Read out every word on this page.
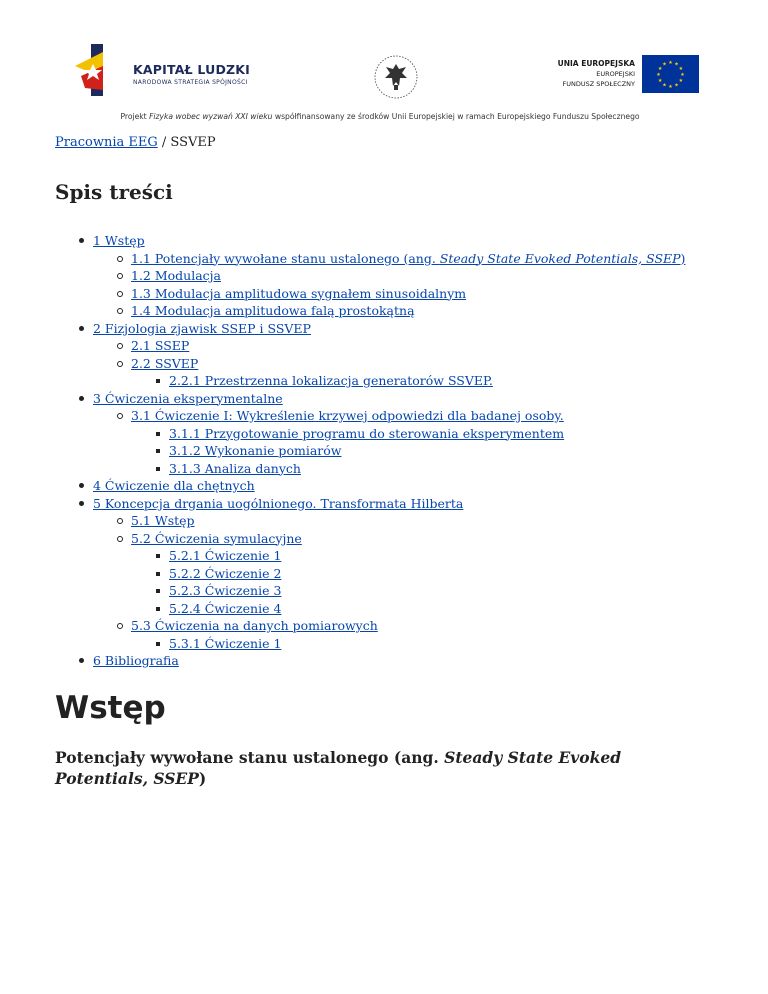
KAPITAŁ LUDZKI
NARODOWA STRATEGIA SPÓJNOŚCI
UNIA EUROPEJSKA
EUROPEJSKI
FUNDUSZ SPOŁECZNY
★ ★
★
★
★
★
★
★
★
★
★
★
Projekt Fizyka wobec wyzwań XXI wieku współfinansowany ze środków Unii Europejskiej w ramach Europejskiego Funduszu Społecznego
Pracownia EEG / SSVEP
Spis treści
1 Wstęp
1.1 Potencjały wywołane stanu ustalonego (ang. Steady State Evoked Potentials, SSEP)
1.2 Modulacja
1.3 Modulacja amplitudowa sygnałem sinusoidalnym
1.4 Modulacja amplitudowa falą prostokątną
2 Fizjologia zjawisk SSEP i SSVEP
2.1 SSEP
2.2 SSVEP
2.2.1 Przestrzenna lokalizacja generatorów SSVEP.
3 Ćwiczenia eksperymentalne
3.1 Ćwiczenie I: Wykreślenie krzywej odpowiedzi dla badanej osoby.
3.1.1 Przygotowanie programu do sterowania eksperymentem
3.1.2 Wykonanie pomiarów
3.1.3 Analiza danych
4 Ćwiczenie dla chętnych
5 Koncepcja drgania uogólnionego. Transformata Hilberta
5.1 Wstęp
5.2 Ćwiczenia symulacyjne
5.2.1 Ćwiczenie 1
5.2.2 Ćwiczenie 2
5.2.3 Ćwiczenie 3
5.2.4 Ćwiczenie 4
5.3 Ćwiczenia na danych pomiarowych
5.3.1 Ćwiczenie 1
6 Bibliografia
Wstęp
Potencjały wywołane stanu ustalonego (ang. Steady State Evoked Potentials, SSEP)
